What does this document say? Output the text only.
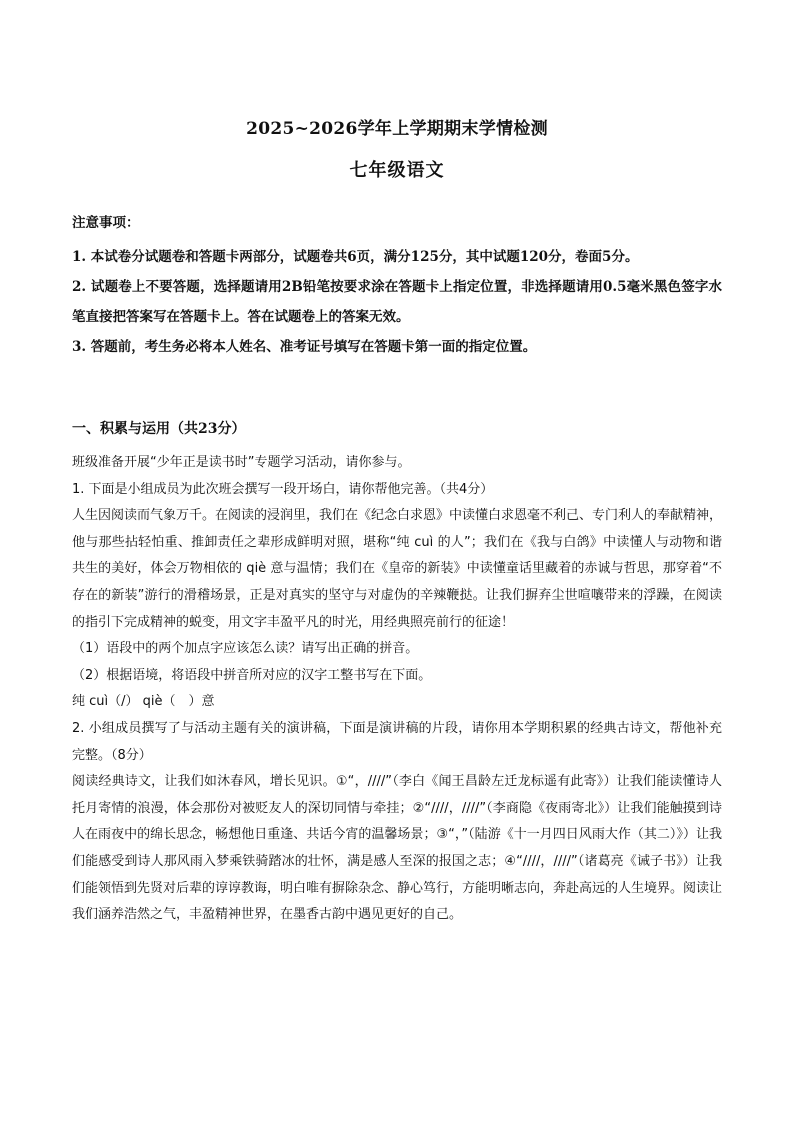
2025~2026学年上学期期末学情检测
七年级语文
注意事项：
1. 本试卷分试题卷和答题卡两部分，试题卷共6页，满分125分，其中试题120分，卷面5分。
2. 试题卷上不要答题，选择题请用2B铅笔按要求涂在答题卡上指定位置，非选择题请用0.5毫米黑色签字水笔直接把答案写在答题卡上。答在试题卷上的答案无效。
3. 答题前，考生务必将本人姓名、准考证号填写在答题卡第一面的指定位置。
一、积累与运用（共23分）

班级准备开展“少年正是读书时”专题学习活动，请你参与。

1. 下面是小组成员为此次班会撰写一段开场白，请你帮他完善。（共4分）

人生因阅读而气象万千。在阅读的浸润里，我们在《纪念白求恩》中读懂白求恩毫不利己、专门利人的奉献精神，他与那些拈轻怕重、推卸责任之辈形成鲜明对照，堪称“纯 cuì 的人”；我们在《我与白鸽》中读懂人与动物和谐共生的美好，体会万物相依的 qiè 意与温情；我们在《皇帝的新装》中读懂童话里藏着的赤诚与哲思，那穿着“不存在的新装”游行的滑稽场景，正是对真实的坚守与对虚伪的辛辣鞭挞。让我们摒弃尘世喧嚷带来的浮躁，在阅读的指引下完成精神的蜕变，用文字丰盈平凡的时光，用经典照亮前行的征途！

（1）语段中的两个加点字应该怎么读？请写出正确的拼音。

（2）根据语境，将语段中拼音所对应的汉字工整书写在下面。

纯 cuì（/） qiè（　）意

2. 小组成员撰写了与活动主题有关的演讲稿，下面是演讲稿的片段，请你用本学期积累的经典古诗文，帮他补充完整。（8分）

阅读经典诗文，让我们如沐春风，增长见识。①“，////”（李白《闻王昌龄左迁龙标遥有此寄》）让我们能读懂诗人托月寄情的浪漫，体会那份对被贬友人的深切同情与牵挂；②“////，////”（李商隐《夜雨寄北》）让我们能触摸到诗人在雨夜中的绵长思念，畅想他日重逢、共话今宵的温馨场景；③“，”（陆游《十一月四日风雨大作（其二）》）让我们能感受到诗人那风雨入梦乘铁骑踏冰的壮怀，满是感人至深的报国之志；④“////，////”（诸葛亮《诫子书》）让我们能领悟到先贤对后辈的谆谆教诲，明白唯有摒除杂念、静心笃行，方能明晰志向，奔赴高远的人生境界。阅读让我们涵养浩然之气，丰盈精神世界，在墨香古韵中遇见更好的自己。
